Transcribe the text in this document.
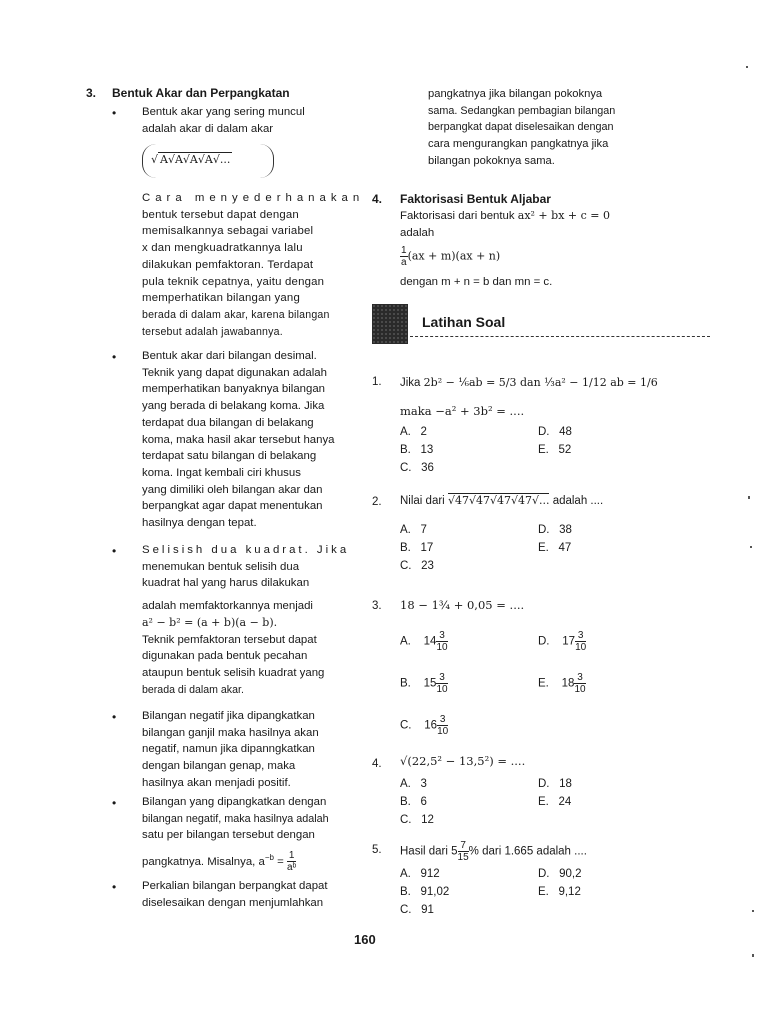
3. Bentuk Akar dan Perpangkatan
• Bentuk akar yang sering muncul
adalah akar di dalam akar
√ A√A√A√A√...
Cara menyederhanakan
bentuk tersebut dapat dengan
memisalkannya sebagai variabel
x dan mengkuadratkannya lalu
dilakukan pemfaktoran. Terdapat
pula teknik cepatnya, yaitu dengan
memperhatikan bilangan yang
berada di dalam akar, karena bilangan
tersebut adalah jawabannya.
• Bentuk akar dari bilangan desimal.
Teknik yang dapat digunakan adalah
memperhatikan banyaknya bilangan
yang berada di belakang koma. Jika
terdapat dua bilangan di belakang
koma, maka hasil akar tersebut hanya
terdapat satu bilangan di belakang
koma. Ingat kembali ciri khusus
yang dimiliki oleh bilangan akar dan
berpangkat agar dapat menentukan
hasilnya dengan tepat.
• Selisish dua kuadrat. Jika
menemukan bentuk selisih dua
kuadrat hal yang harus dilakukan
adalah memfaktorkannya menjadi
a² − b² = (a + b)(a − b).
Teknik pemfaktoran tersebut dapat
digunakan pada bentuk pecahan
ataupun bentuk selisih kuadrat yang
berada di dalam akar.
• Bilangan negatif jika dipangkatkan
bilangan ganjil maka hasilnya akan
negatif, namun jika dipanngkatkan
dengan bilangan genap, maka
hasilnya akan menjadi positif.
• Bilangan yang dipangkatkan dengan
bilangan negatif, maka hasilnya adalah
satu per bilangan tersebut dengan
pangkatnya. Misalnya, $a^{-b} = \frac{1}{\text{aᵇ}}$
• Perkalian bilangan berpangkat dapat
diselesaikan dengan menjumlahkan
pangkatnya jika bilangan pokoknya
sama. Sedangkan pembagian bilangan
berpangkat dapat diselesaikan dengan
cara mengurangkan pangkatnya jika
bilangan pokoknya sama.
4. Faktorisasi Bentuk Aljabar
Faktorisasi dari bentuk ax² + bx + c = 0
adalah
$\frac{1}{a} (ax + m)(ax + n)$
dengan m + n = b dan mn = c.
Latihan Soal
1. Jika 2b² − ⅙ab = 5/3 dan ⅓a² − 1/12 ab = 1/6
maka −a² + 3b² = ....
A. 2	D. 48
B. 13	E. 52
C. 36
2. Nilai dari √47√47√47√47√... adalah ....
A. 7	D. 38
B. 17	E. 47
C. 23
3. 18 − 1¾ + 0,05 = ....
A. $14 \frac{3}{10}$	D. $17 \frac{3}{10}$
B. $15 \frac{3}{10}$	E. $18 \frac{3}{10}$
C. $16 \frac{3}{10}$
4. √(22,5² − 13,5²) = ....
A. 3	D. 18
B. 6	E. 24
C. 12
5. Hasil dari $5 \frac{7}{15}$ % dari 1.665 adalah ....
A. 912	D. 90,2
B. 91,02	E. 9,12
C. 91
160
